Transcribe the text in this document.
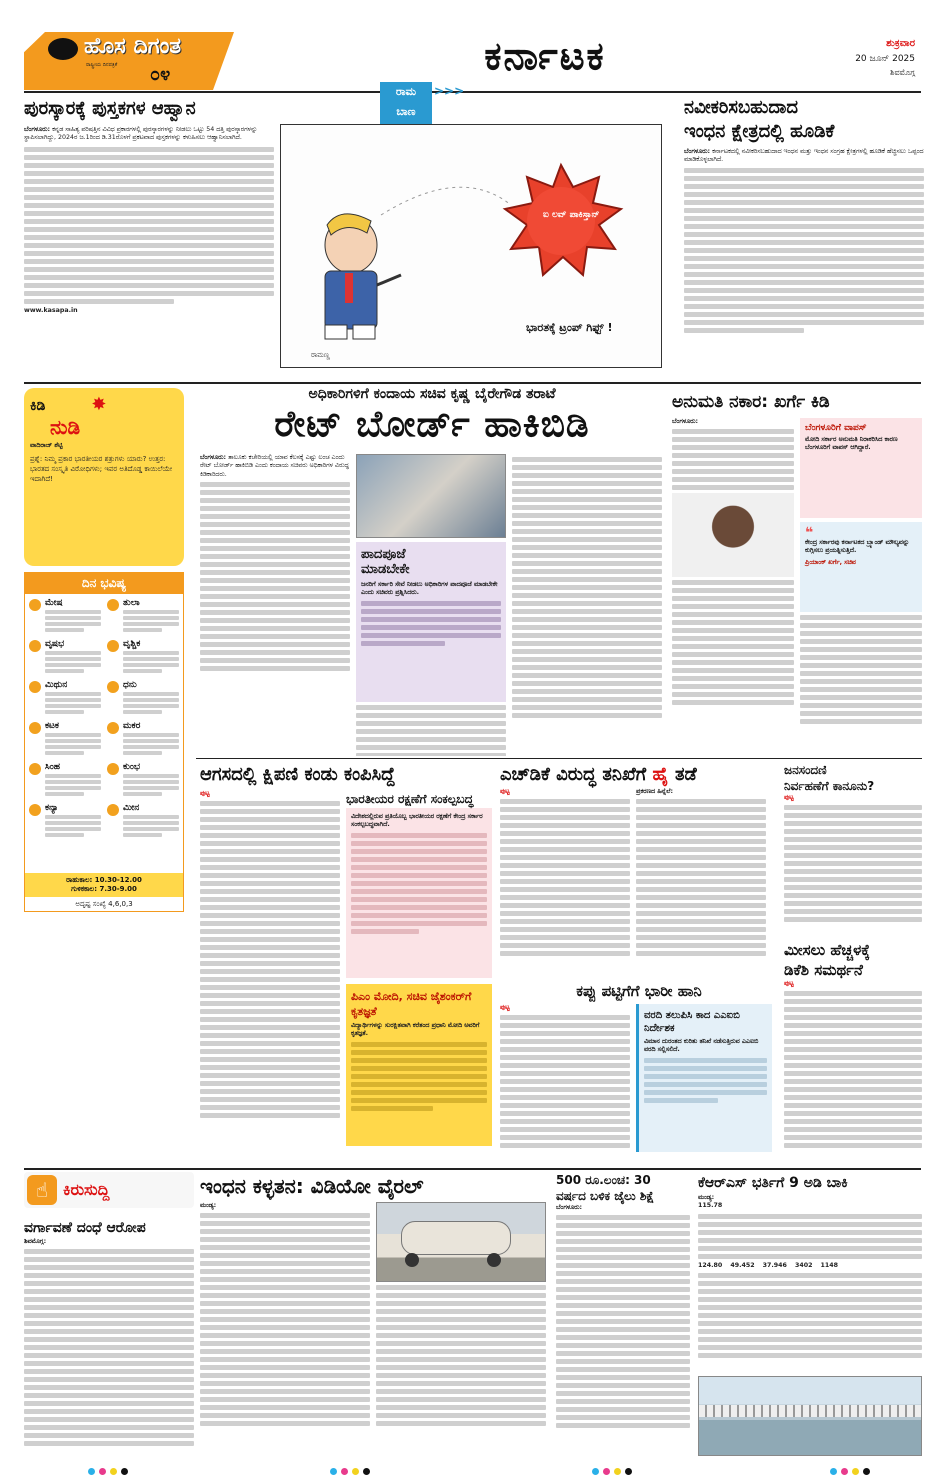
ಹೊಸ ದಿಗಂತ
ರಾಷ್ಟ್ರೀಯ ದಿನಪತ್ರಿಕೆ ೦೪	ಕರ್ನಾಟಕ	ಶುಕ್ರವಾರ
20 ಜೂನ್ 2025
ಶಿವಮೊಗ್ಗ
ಪುರಸ್ಕಾರಕ್ಕೆ ಪುಸ್ತಕಗಳ ಆಹ್ವಾನ
ಬೆಂಗಳೂರು: ಕನ್ನಡ ಸಾಹಿತ್ಯ ಪರಿಷತ್ತಿನ ವಿವಿಧ ಪ್ರಕಾರಗಳಲ್ಲಿ ಪುರಸ್ಕಾರಗಳನ್ನು ನೀಡಲು ಒಟ್ಟು 54 ದತ್ತಿ ಪುರಸ್ಕಾರಗಳನ್ನು ಸ್ಥಾಪಿಸಲಾಗಿದ್ದು, 2024ರ ಜ.1ರಿಂದ ಡಿ.31ರೊಳಗೆ ಪ್ರಕಟವಾದ ಪುಸ್ತಕಗಳನ್ನು ಕಳುಹಿಸಲು ಆಹ್ವಾನಿಸಲಾಗಿದೆ.
www.kasapa.in
ರಾಮ
ಬಾಣ
>>>
ಐ ಲವ್ ಪಾಕಿಸ್ತಾನ್
ಭಾರತಕ್ಕೆ ಟ್ರಂಪ್ ಗಿಫ್ಟ್ !
ರಾಮಣ್ಣ
ನವೀಕರಿಸಬಹುದಾದ
ಇಂಧನ ಕ್ಷೇತ್ರದಲ್ಲಿ ಹೂಡಿಕೆ
ಬೆಂಗಳೂರು: ಕರ್ನಾಟಕದಲ್ಲಿ ನವೀಕರಿಸಬಹುದಾದ ಇಂಧನ ಮತ್ತು ಇಂಧನ ಸಂಗ್ರಹ ಕ್ಷೇತ್ರಗಳಲ್ಲಿ ಹೂಡಿಕೆ ಹೆಚ್ಚಿಸಲು ಒಪ್ಪಂದ ಮಾಡಿಕೊಳ್ಳಲಾಗಿದೆ.
ಕಿಡಿ	✸
ನುಡಿ
ವಾದಿರಾಜ್ ಶೆಟ್ಟಿ
ಪ್ರಶ್ನೆ: ನಿಮ್ಮ ಪ್ರಕಾರ ಭಾರತೀಯರ ಶತ್ರುಗಳು ಯಾರು? ಉತ್ತರ: ಭಾರತದ ಸಂಸ್ಕೃತಿ ವಿರೋಧಿಗಳು; ಇವರ ಅತಿದೊಡ್ಡ ಕಾಯಿಲೆಯೇ ಇದಾಗಿದೆ!
ದಿನ ಭವಿಷ್ಯ
ಮೇಷ	ತುಲಾ
ವೃಷಭ	ವೃಶ್ಚಿಕ
ಮಿಥುನ	ಧನು
ಕಟಕ	ಮಕರ
ಸಿಂಹ	ಕುಂಭ
ಕನ್ಯಾ	ಮೀನ
ರಾಹುಕಾಲ: 10.30-12.00
ಗುಳಿಕಕಾಲ: 7.30-9.00
ಅದೃಷ್ಟ ಸಂಖ್ಯೆ 4,6,0,3
ಅಧಿಕಾರಿಗಳಿಗೆ ಕಂದಾಯ ಸಚಿವ ಕೃಷ್ಣ ಬೈರೇಗೌಡ ತರಾಟೆ
ರೇಟ್ ಬೋರ್ಡ್ ಹಾಕಿಬಿಡಿ
ಬೆಂಗಳೂರು: ತಾಲೂಕು ಕಚೇರಿಯಲ್ಲಿ ಯಾವ ಕೆಲಸಕ್ಕೆ ಎಷ್ಟು ಲಂಚ ಎಂದು ರೇಟ್ ಬೋರ್ಡ್ ಹಾಕಿಬಿಡಿ ಎಂದು ಕಂದಾಯ ಸಚಿವರು ಅಧಿಕಾರಿಗಳ ವಿರುದ್ಧ ಕಿಡಿಕಾರಿದರು.
ಪಾದಪೂಜೆ
ಮಾಡಬೇಕೇ
ಜನರಿಗೆ ಸರ್ಕಾರಿ ಸೇವೆ ನೀಡಲು ಅಧಿಕಾರಿಗಳ ಪಾದಪೂಜೆ ಮಾಡಬೇಕೇ ಎಂದು ಸಚಿವರು ಪ್ರಶ್ನಿಸಿದರು.
ಅನುಮತಿ ನಕಾರ: ಖರ್ಗೆ ಕಿಡಿ
ಬೆಂಗಳೂರು:
ಬೆಂಗಳೂರಿಗೆ ವಾಪಸ್
ಮೋದಿ ಸರ್ಕಾರ ಅನುಮತಿ ನಿರಾಕರಿಸಿದ ಕಾರಣ ಬೆಂಗಳೂರಿಗೆ ವಾಪಸ್ ಆಗಿದ್ದಾರೆ.
❝
ಕೇಂದ್ರ ಸರ್ಕಾರವು ಕರ್ನಾಟಕದ ಬ್ರ್ಯಾಂಡ್ ಮೌಲ್ಯವನ್ನು ಕುಗ್ಗಿಸಲು ಪ್ರಯತ್ನಿಸುತ್ತಿದೆ.
ಪ್ರಿಯಾಂಕ್ ಖರ್ಗೆ, ಸಚಿವ
ಆಗಸದಲ್ಲಿ ಕ್ಷಿಪಣಿ ಕಂಡು ಕಂಪಿಸಿದ್ದೆ
ಪುಟ್ಟ	ಭಾರತೀಯರ ರಕ್ಷಣೆಗೆ ಸಂಕಲ್ಪಬದ್ಧ
ವಿದೇಶದಲ್ಲಿರುವ ಪ್ರತಿಯೊಬ್ಬ ಭಾರತೀಯರ ರಕ್ಷಣೆಗೆ ಕೇಂದ್ರ ಸರ್ಕಾರ ಸಂಕಲ್ಪಬದ್ಧವಾಗಿದೆ.
ಪಿಎಂ ಮೋದಿ, ಸಚಿವ ಜೈಶಂಕರ್‌ಗೆ ಕೃತಜ್ಞತೆ
ವಿದ್ಯಾರ್ಥಿಗಳನ್ನು ಸುರಕ್ಷಿತವಾಗಿ ಕರೆತಂದ ಪ್ರಧಾನಿ ಮೋದಿ ಅವರಿಗೆ ಕೃತಜ್ಞತೆ.
ಎಚ್‌ಡಿಕೆ ವಿರುದ್ಧ ತನಿಖೆಗೆ ಹೈ ತಡೆ
ಪುಟ್ಟ	ಪ್ರಕರಣದ ಹಿನ್ನೆಲೆ:
ಜನಸಂದಣಿ
ನಿರ್ವಹಣೆಗೆ ಕಾನೂನು?
ಪುಟ್ಟ
ಮೀಸಲು ಹೆಚ್ಚಳಕ್ಕೆ
ಡಿಕೆಶಿ ಸಮರ್ಥನೆ
ಪುಟ್ಟ
ಕಪ್ಪು ಪಟ್ಟಿಗೆಗೆ ಭಾರೀ ಹಾನಿ
ಪುಟ್ಟ
ವರದಿ ತಲುಪಿಸಿ ಕಾದ ಎಎಐಬಿ ನಿರ್ದೇಶಕ
ವಿಮಾನ ದುರಂತದ ಕುರಿತು ತನಿಖೆ ನಡೆಸುತ್ತಿರುವ ಎಎಐಬಿ ವರದಿ ಸಲ್ಲಿಸಲಿದೆ.
☝ ಕಿರುಸುದ್ದಿ
ವರ್ಗಾವಣೆ ದಂಧೆ ಆರೋಪ
ಶಿವಮೊಗ್ಗ:
ಇಂಧನ ಕಳ್ಳತನ: ವಿಡಿಯೋ ವೈರಲ್
ಮಂಡ್ಯ:
500 ರೂ.ಲಂಚ: 30
ವರ್ಷದ ಬಳಿಕ ಜೈಲು ಶಿಕ್ಷೆ
ಬೆಂಗಳೂರು:
ಕೆಆರ್‌ಎಸ್ ಭರ್ತಿಗೆ 9 ಅಡಿ ಬಾಕಿ
ಮಂಡ್ಯ:
115.78
124.80 49.452 37.946 3402 1148
